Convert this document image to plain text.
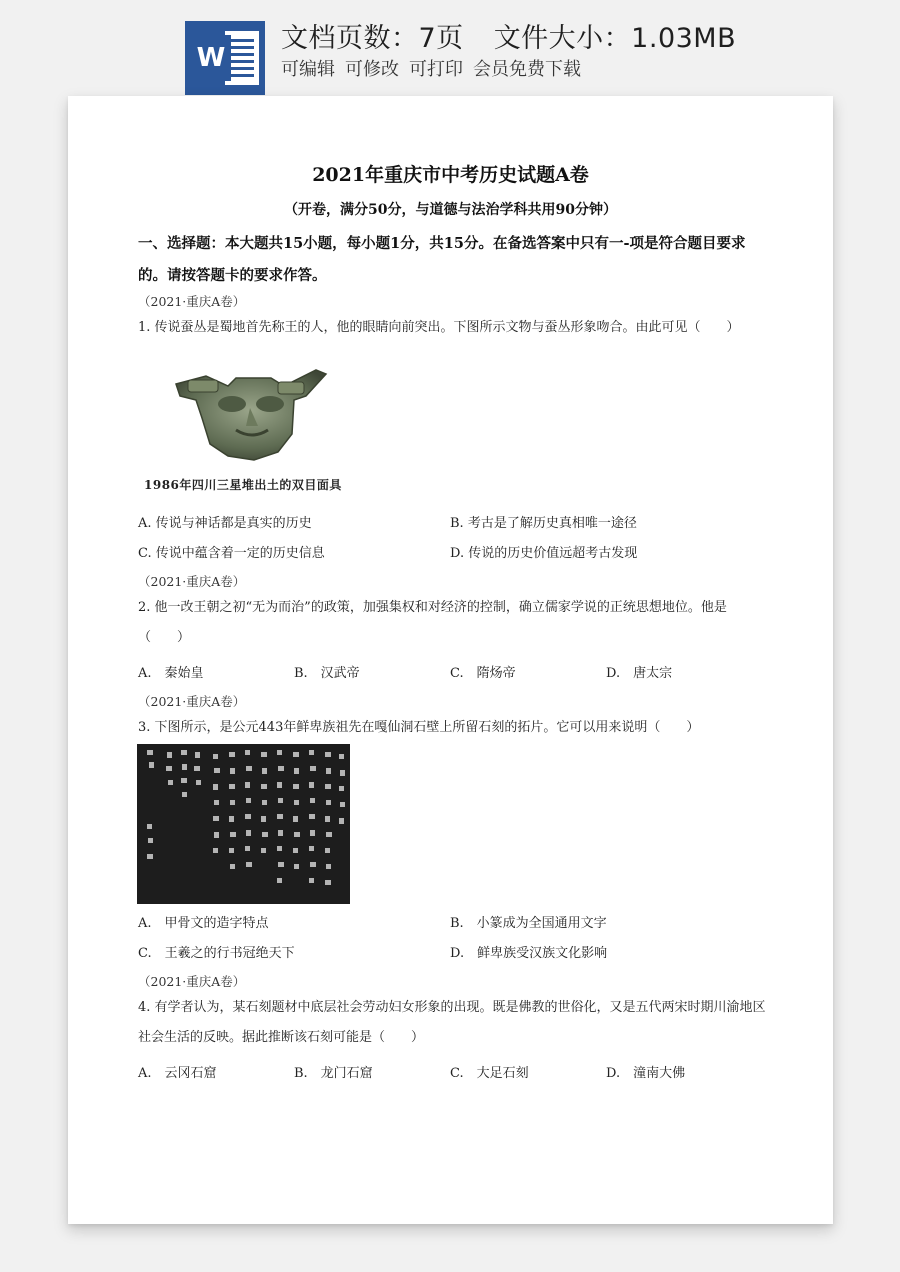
W
文档页数：7页 文件大小：1.03MB
可编辑 可修改 可打印 会员免费下载
2021年重庆市中考历史试题A卷
（开卷，满分50分，与道德与法治学科共用90分钟）
一、选择题：本大题共15小题，每小题1分，共15分。在备选答案中只有一-项是符合题目要求的。请按答题卡的要求作答。
（2021·重庆A卷）
1. 传说蚕丛是蜀地首先称王的人，他的眼睛向前突出。下图所示文物与蚕丛形象吻合。由此可见（　　）
1986年四川三星堆出土的双目面具
A. 传说与神话都是真实的历史	B. 考古是了解历史真相唯一途径
C. 传说中蕴含着一定的历史信息	D. 传说的历史价值远超考古发现
（2021·重庆A卷）
2. 他一改王朝之初“无为而治”的政策，加强集权和对经济的控制，确立儒家学说的正统思想地位。他是（　　）
A.　秦始皇	B.　汉武帝	C.　隋炀帝	D.　唐太宗
（2021·重庆A卷）
3. 下图所示，是公元443年鲜卑族祖先在嘎仙洞石壁上所留石刻的拓片。它可以用来说明（　　）
A.　甲骨文的造字特点	B.　小篆成为全国通用文字
C.　王羲之的行书冠绝天下	D.　鲜卑族受汉族文化影响
（2021·重庆A卷）
4. 有学者认为，某石刻题材中底层社会劳动妇女形象的出现。既是佛教的世俗化，又是五代两宋时期川渝地区社会生活的反映。据此推断该石刻可能是（　　）
A.　云冈石窟	B.　龙门石窟	C.　大足石刻	D.　潼南大佛
